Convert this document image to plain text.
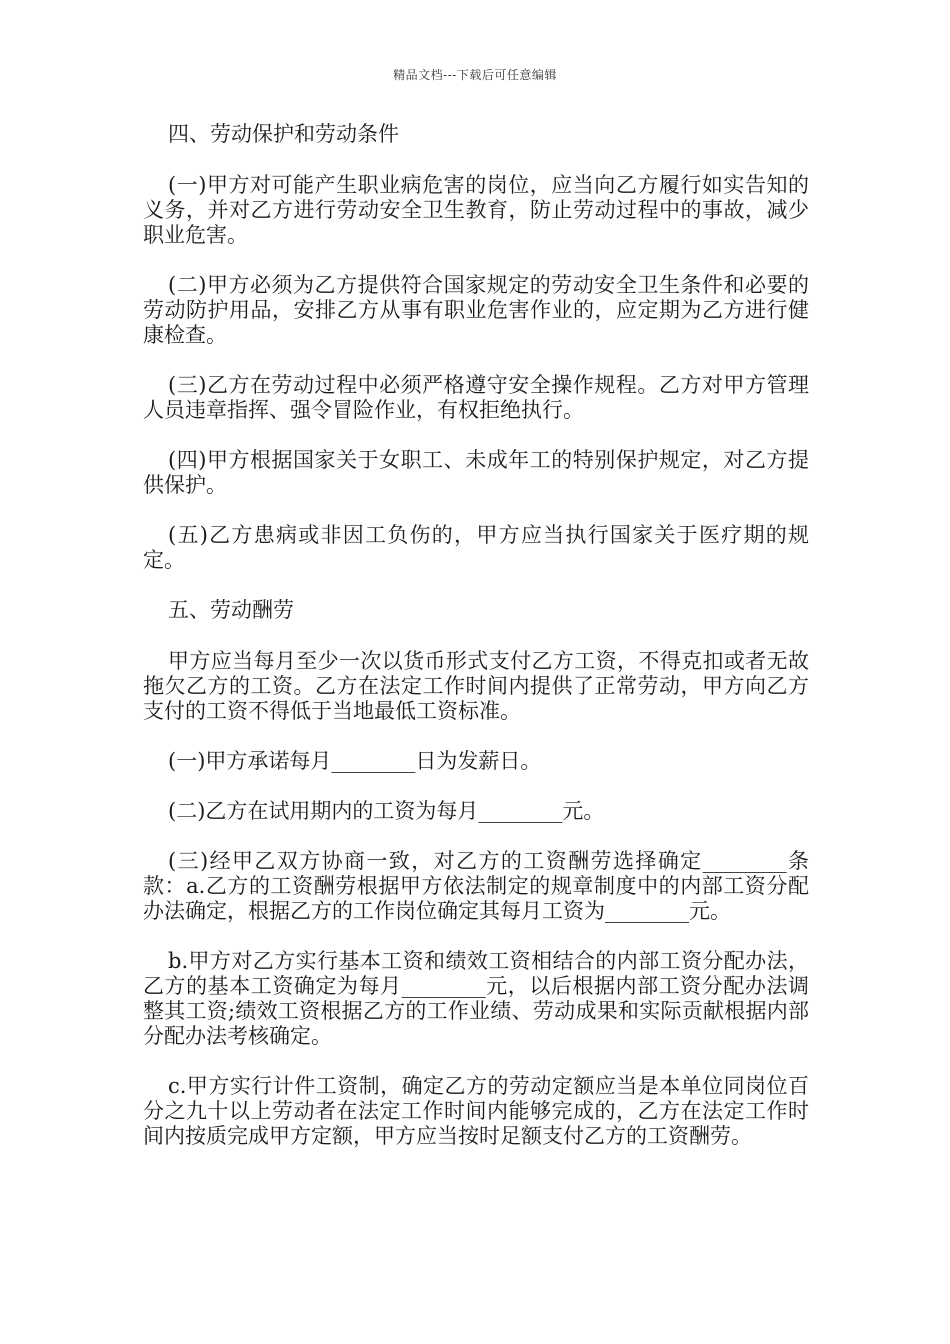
精品文档---下载后可任意编辑

四、劳动保护和劳动条件

(一)甲方对可能产生职业病危害的岗位，应当向乙方履行如实告知的义务，并对乙方进行劳动安全卫生教育，防止劳动过程中的事故，减少职业危害。

(二)甲方必须为乙方提供符合国家规定的劳动安全卫生条件和必要的劳动防护用品，安排乙方从事有职业危害作业的，应定期为乙方进行健康检查。

(三)乙方在劳动过程中必须严格遵守安全操作规程。乙方对甲方管理人员违章指挥、强令冒险作业，有权拒绝执行。

(四)甲方根据国家关于女职工、未成年工的特别保护规定，对乙方提供保护。

(五)乙方患病或非因工负伤的，甲方应当执行国家关于医疗期的规定。

五、劳动酬劳

甲方应当每月至少一次以货币形式支付乙方工资，不得克扣或者无故拖欠乙方的工资。乙方在法定工作时间内提供了正常劳动，甲方向乙方支付的工资不得低于当地最低工资标准。

(一)甲方承诺每月________日为发薪日。

(二)乙方在试用期内的工资为每月________元。

(三)经甲乙双方协商一致，对乙方的工资酬劳选择确定________条款：a.乙方的工资酬劳根据甲方依法制定的规章制度中的内部工资分配办法确定，根据乙方的工作岗位确定其每月工资为________元。

b.甲方对乙方实行基本工资和绩效工资相结合的内部工资分配办法，乙方的基本工资确定为每月________元，以后根据内部工资分配办法调整其工资;绩效工资根据乙方的工作业绩、劳动成果和实际贡献根据内部分配办法考核确定。

c.甲方实行计件工资制，确定乙方的劳动定额应当是本单位同岗位百分之九十以上劳动者在法定工作时间内能够完成的，乙方在法定工作时间内按质完成甲方定额，甲方应当按时足额支付乙方的工资酬劳。
